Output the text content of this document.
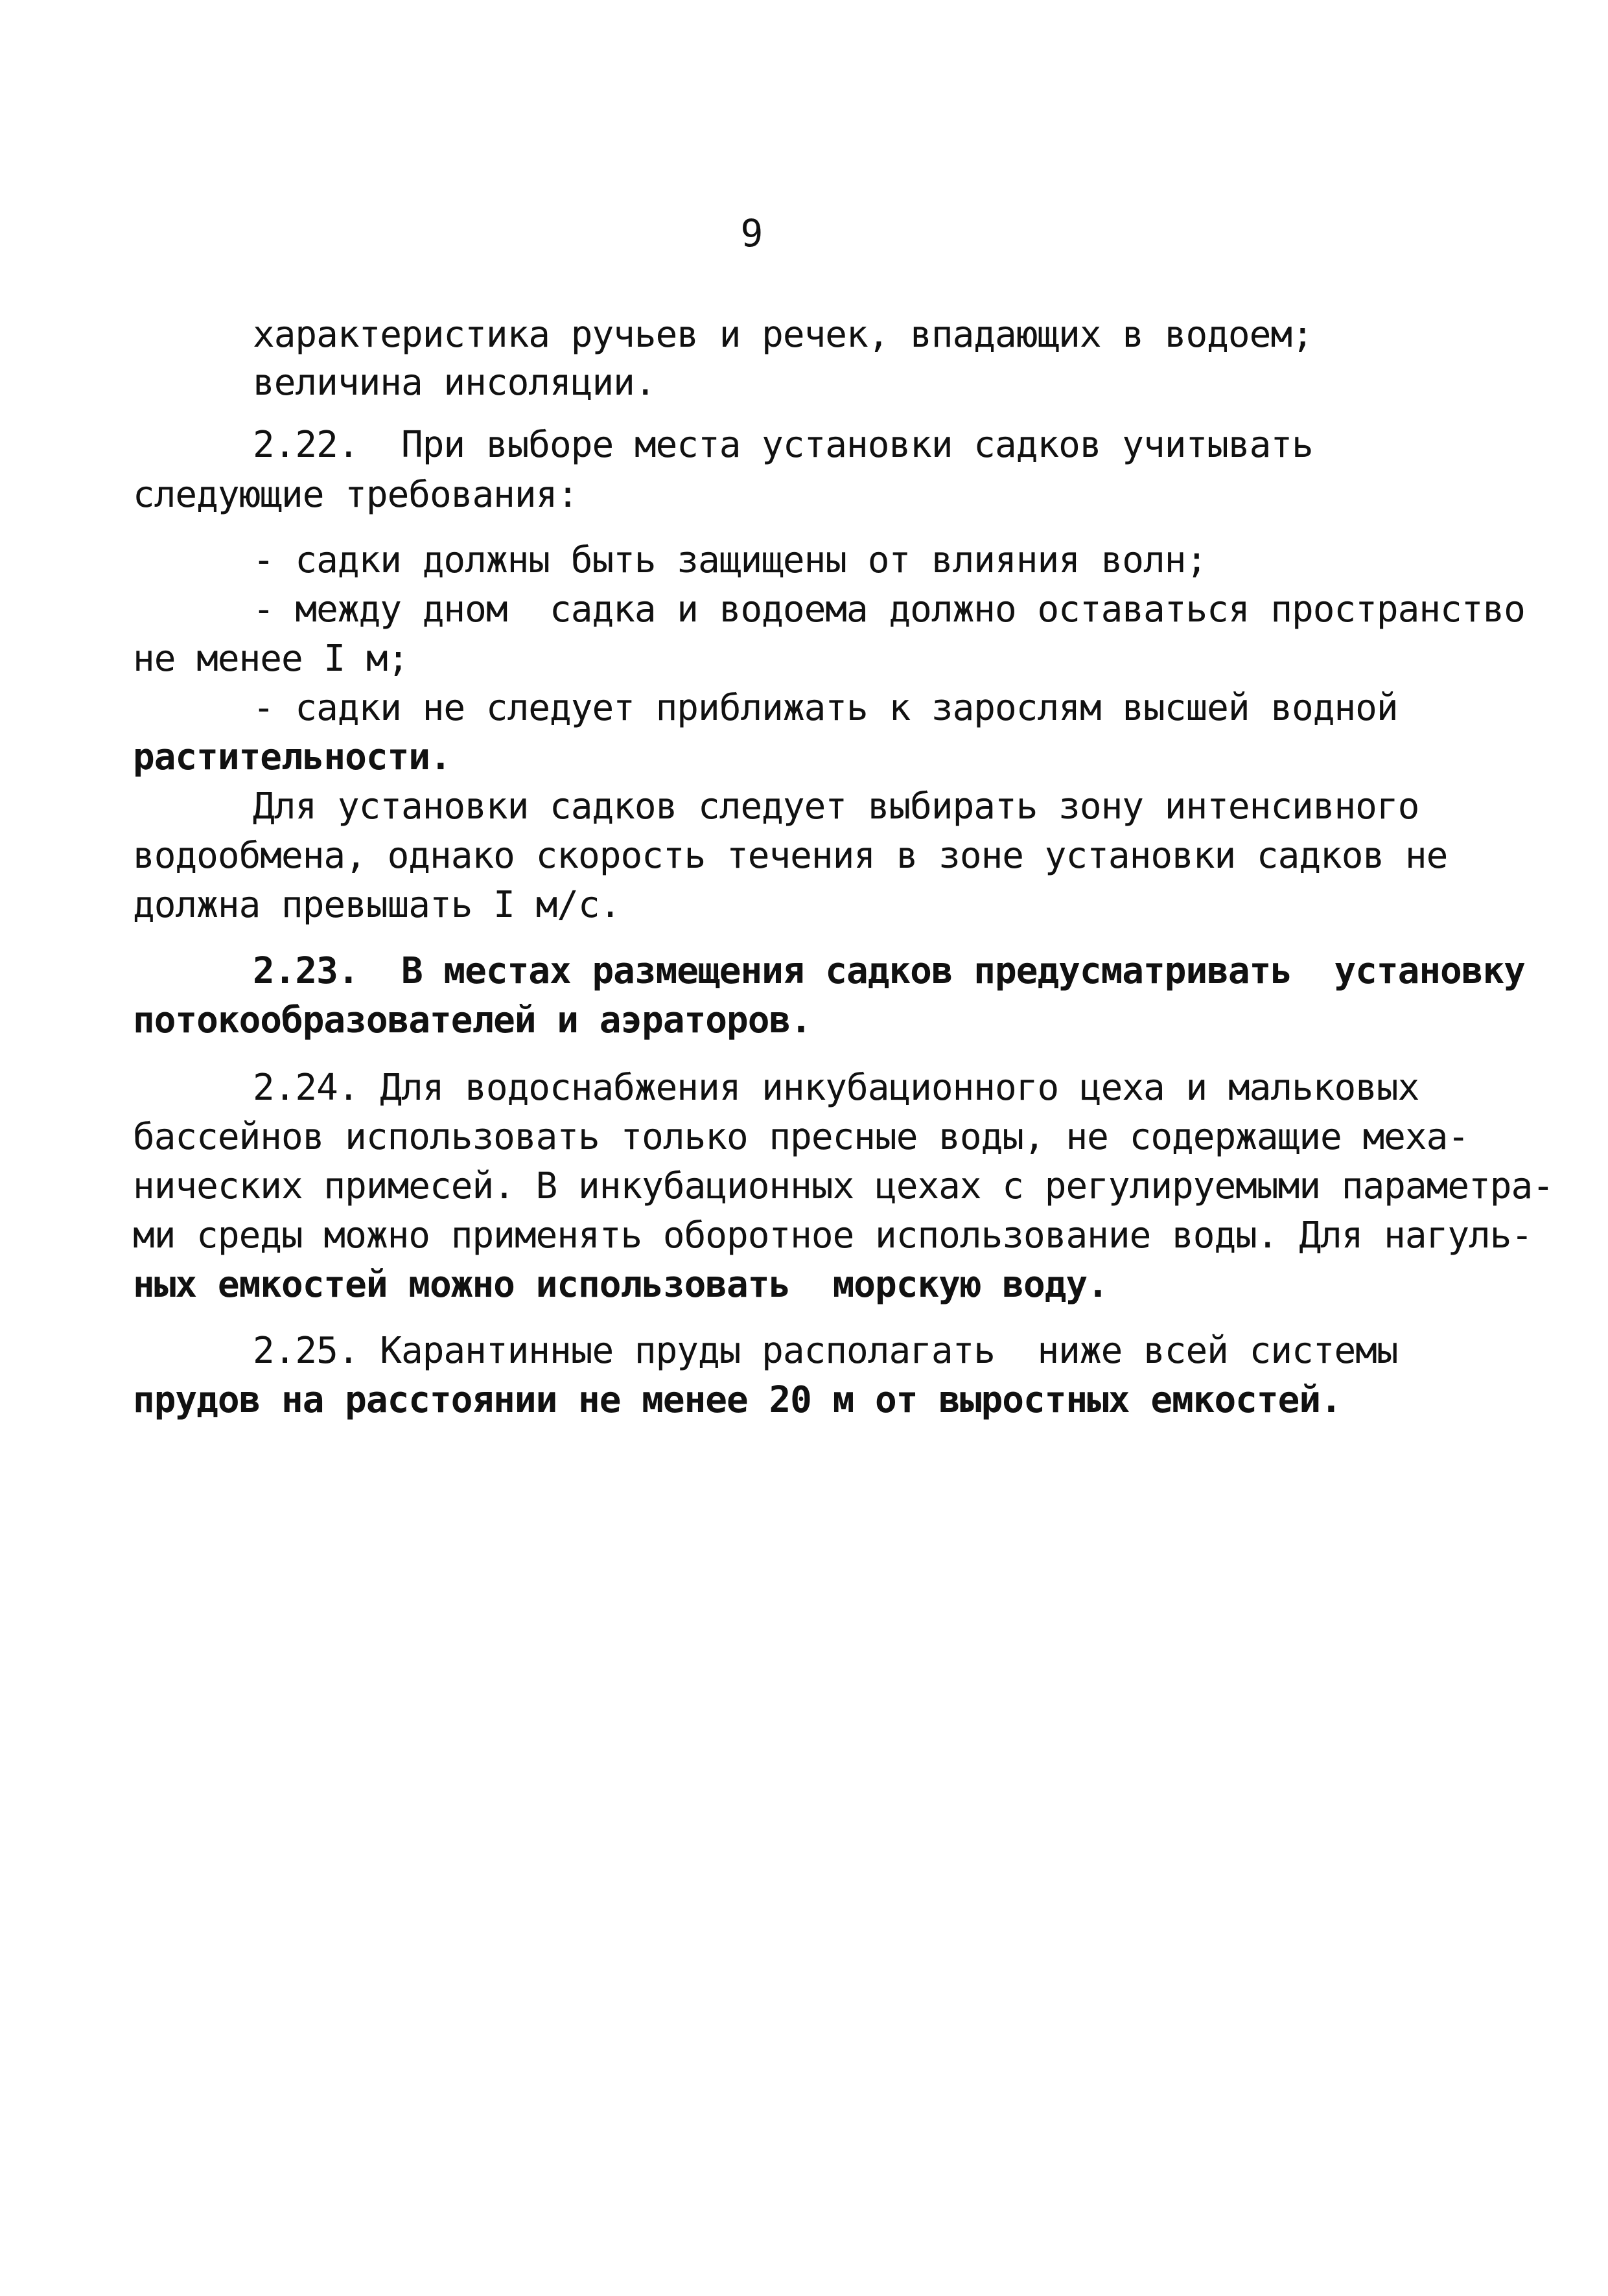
9
характеристика ручьев и речек, впадающих в водоем;
величина инсоляции.
2.22.  При выборе места установки садков учитывать
следующие требования:
- садки должны быть защищены от влияния волн;
- между дном  садка и водоема должно оставаться пространство
не менее I м;
- садки не следует приближать к зарослям высшей водной
растительности.
Для установки садков следует выбирать зону интенсивного
водообмена, однако скорость течения в зоне установки садков не
должна превышать I м/с.
2.23.  В местах размещения садков предусматривать  установку
потокообразователей и аэраторов.
2.24. Для водоснабжения инкубационного цеха и мальковых
бассейнов использовать только пресные воды, не содержащие меха-
нических примесей. В инкубационных цехах с регулируемыми параметра-
ми среды можно применять оборотное использование воды. Для нагуль-
ных емкостей можно использовать  морскую воду.
2.25. Карантинные пруды располагать  ниже всей системы
прудов на расстоянии не менее 20 м от выростных емкостей.
